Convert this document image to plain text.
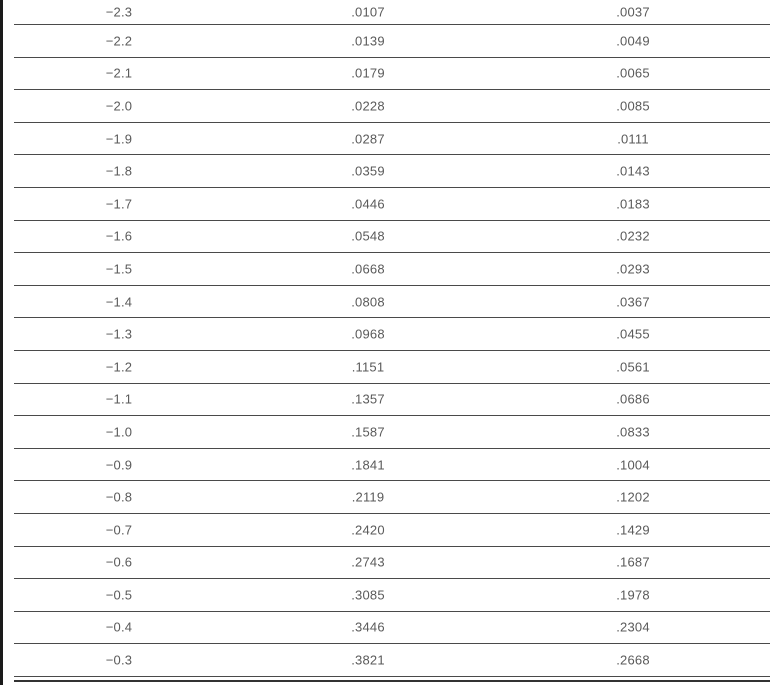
−2.3	.0107	.0037
−2.2	.0139	.0049
−2.1	.0179	.0065
−2.0	.0228	.0085
−1.9	.0287	.0111
−1.8	.0359	.0143
−1.7	.0446	.0183
−1.6	.0548	.0232
−1.5	.0668	.0293
−1.4	.0808	.0367
−1.3	.0968	.0455
−1.2	.1151	.0561
−1.1	.1357	.0686
−1.0	.1587	.0833
−0.9	.1841	.1004
−0.8	.2119	.1202
−0.7	.2420	.1429
−0.6	.2743	.1687
−0.5	.3085	.1978
−0.4	.3446	.2304
−0.3	.3821	.2668
